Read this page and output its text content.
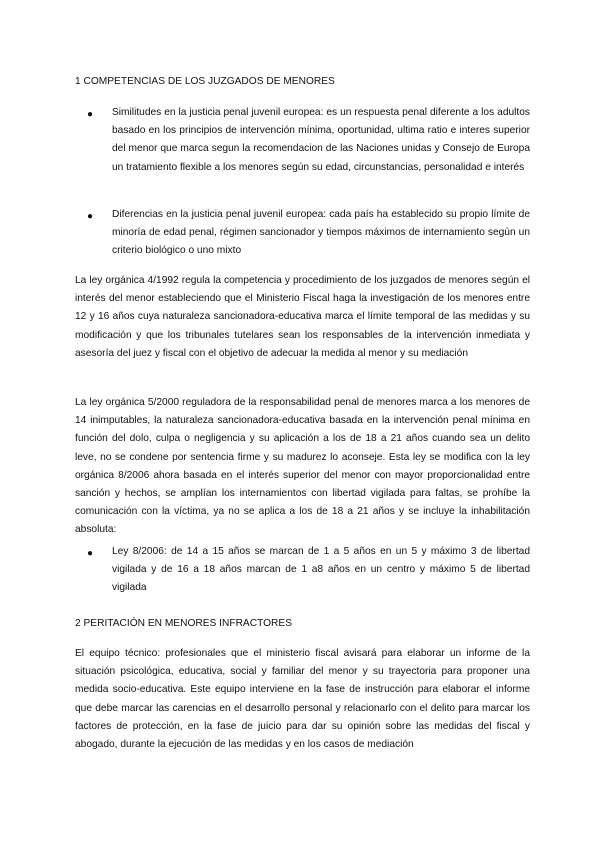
1 COMPETENCIAS DE LOS JUZGADOS DE MENORES
● Similitudes en la justicia penal juvenil europea: es un respuesta penal diferente a los adultos basado en los principios de intervención mínima, oportunidad, ultima ratio e interes superior del menor que marca segun la recomendacion de las Naciones unidas y Consejo de Europa un tratamiento flexible a los menores según su edad, circunstancias, personalidad e interés

● Diferencias en la justicia penal juvenil europea: cada país ha establecido su propio límite de minoría de edad penal, régimen sancionador y tiempos máximos de internamiento según un criterio biológico o uno mixto

La ley orgánica 4/1992 regula la competencia y procedimiento de los juzgados de menores según el interés del menor estableciendo que el Ministerio Fiscal haga la investigación de los menores entre 12 y 16 años cuya naturaleza sancionadora-educativa marca el límite temporal de las medidas y su modificación y que los tribunales tutelares sean los responsables de la intervención inmediata y asesoría del juez y fiscal con el objetivo de adecuar la medida al menor y su mediación

La ley orgánica 5/2000 reguladora de la responsabilidad penal de menores marca a los menores de 14 inimputables, la naturaleza sancionadora-educativa basada en la intervención penal mínima en función del dolo, culpa o negligencia y su aplicación a los de 18 a 21 años cuando sea un delito leve, no se condene por sentencia firme y su madurez lo aconseje. Esta ley se modifica con la ley orgánica 8/2006 ahora basada en el interés superior del menor con mayor proporcionalidad entre sanción y hechos, se amplían los internamientos con libertad vigilada para faltas, se prohíbe la comunicación con la víctima, ya no se aplica a los de 18 a 21 años y se incluye la inhabilitación absoluta:

● Ley 8/2006: de 14 a 15 años se marcan de 1 a 5 años en un 5 y máximo 3 de libertad vigilada y de 16 a 18 años marcan de 1 a8 años en un centro y máximo 5 de libertad vigilada

2 PERITACIÓN EN MENORES INFRACTORES

El equipo técnico: profesionales que el ministerio fiscal avisará para elaborar un informe de la situación psicológica, educativa, social y familiar del menor y su trayectoria para proponer una medida socio-educativa. Este equipo interviene en la fase de instrucción para elaborar el informe que debe marcar las carencias en el desarrollo personal y relacionarlo con el delito para marcar los factores de protección, en la fase de juicio para dar su opinión sobre las medidas del fiscal y abogado, durante la ejecución de las medidas y en los casos de mediación
